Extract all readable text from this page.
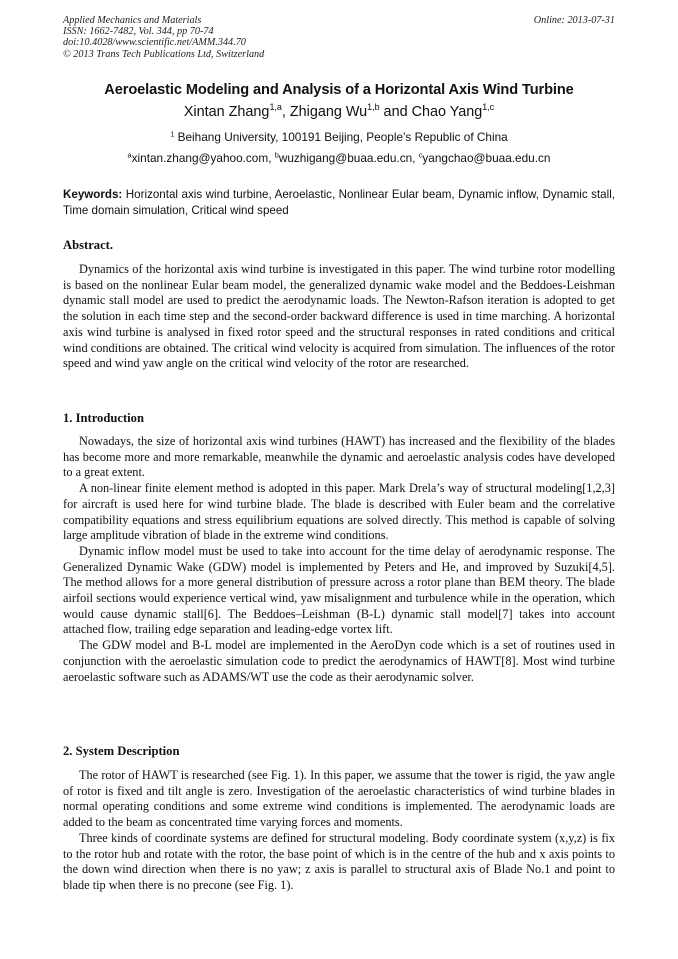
Applied Mechanics and Materials
ISSN: 1662-7482, Vol. 344, pp 70-74
doi:10.4028/www.scientific.net/AMM.344.70
© 2013 Trans Tech Publications Ltd, Switzerland
Online: 2013-07-31
Aeroelastic Modeling and Analysis of a Horizontal Axis Wind Turbine
Xintan Zhang$^{1,a}$, Zhigang Wu$^{1,b}$ and Chao Yang$^{1,c}$
$^1$ Beihang University, 100191 Beijing, People’s Republic of China
$^a$xintan.zhang@yahoo.com, $^b$wuzhigang@buaa.edu.cn, $^c$yangchao@buaa.edu.cn
Keywords: Horizontal axis wind turbine, Aeroelastic, Nonlinear Eular beam, Dynamic inflow, Dynamic stall, Time domain simulation, Critical wind speed
Abstract.

Dynamics of the horizontal axis wind turbine is investigated in this paper. The wind turbine rotor modelling is based on the nonlinear Eular beam model, the generalized dynamic wake model and the Beddoes-Leishman dynamic stall model are used to predict the aerodynamic loads. The Newton-Rafson iteration is adopted to get the solution in each time step and the second-order backward difference is used in time marching. A horizontal axis wind turbine is analysed in fixed rotor speed and the structural responses in rated conditions and critical wind conditions are obtained. The critical wind velocity is acquired from simulation. The influences of the rotor speed and wind yaw angle on the critical wind velocity of the rotor are researched.

1. Introduction

Nowadays, the size of horizontal axis wind turbines (HAWT) has increased and the flexibility of the blades has become more and more remarkable, meanwhile the dynamic and aeroelastic analysis codes have developed to a great extent.

A non-linear finite element method is adopted in this paper. Mark Drela’s way of structural modeling[1,2,3] for aircraft is used here for wind turbine blade. The blade is described with Euler beam and the correlative compatibility equations and stress equilibrium equations are solved directly. This method is capable of solving large amplitude vibration of blade in the extreme wind conditions.

Dynamic inflow model must be used to take into account for the time delay of aerodynamic response. The Generalized Dynamic Wake (GDW) model is implemented by Peters and He, and improved by Suzuki[4,5]. The method allows for a more general distribution of pressure across a rotor plane than BEM theory. The blade airfoil sections would experience vertical wind, yaw misalignment and turbulence while in the operation, which would cause dynamic stall[6]. The Beddoes–Leishman (B-L) dynamic stall model[7] takes into account attached flow, trailing edge separation and leading-edge vortex lift.

The GDW model and B-L model are implemented in the AeroDyn code which is a set of routines used in conjunction with the aeroelastic simulation code to predict the aerodynamics of HAWT[8]. Most wind turbine aeroelastic software such as ADAMS/WT use the code as their aerodynamic solver.

2. System Description

The rotor of HAWT is researched (see Fig. 1). In this paper, we assume that the tower is rigid, the yaw angle of rotor is fixed and tilt angle is zero. Investigation of the aeroelastic characteristics of wind turbine blades in normal operating conditions and some extreme wind conditions is implemented. The aerodynamic loads are added to the beam as concentrated time varying forces and moments.

Three kinds of coordinate systems are defined for structural modeling. Body coordinate system (x,y,z) is fix to the rotor hub and rotate with the rotor, the base point of which is in the centre of the hub and x axis points to the down wind direction when there is no yaw; z axis is parallel to structural axis of Blade No.1 and point to blade tip when there is no precone (see Fig. 1).
